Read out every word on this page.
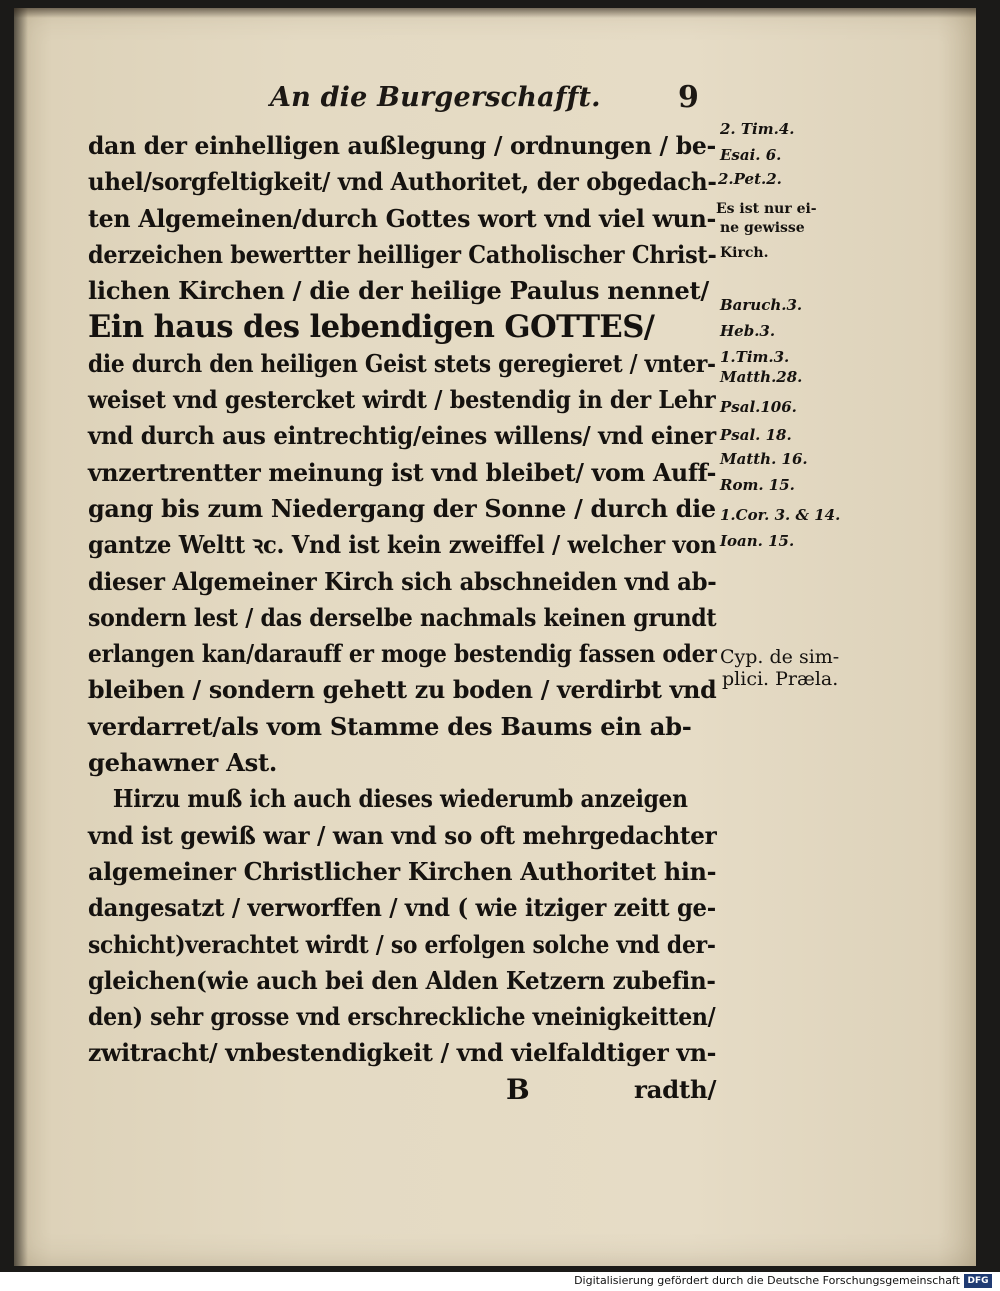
An die Burgerschafft.	9
dan der einhelligen außlegung / ordnungen / be-
uhel/sorgfeltigkeit/ vnd Authoritet, der obgedach-
ten Algemeinen/durch Gottes wort vnd viel wun-
derzeichen bewertter heilliger Catholischer Christ-
lichen Kirchen / die der heilige Paulus nennet/
Ein haus des lebendigen GOTTES/
die durch den heiligen Geist stets geregieret / vnter-
weiset vnd gestercket wirdt / bestendig in der Lehr
vnd durch aus eintrechtig/eines willens/ vnd einer
vnzertrentter meinung ist vnd bleibet/ vom Auff-
gang bis zum Niedergang der Sonne / durch die
gantze Weltt ꝛc. Vnd ist kein zweiffel / welcher von
dieser Algemeiner Kirch sich abschneiden vnd ab-
sondern lest / das derselbe nachmals keinen grundt
erlangen kan/darauff er moge bestendig fassen oder
bleiben / sondern gehett zu boden / verdirbt vnd
verdarret/als vom Stamme des Baums ein ab-
gehawner Ast.
Hirzu muß ich auch dieses wiederumb anzeigen
vnd ist gewiß war / wan vnd so oft mehrgedachter
algemeiner Christlicher Kirchen Authoritet hin-
dangesatzt / verworffen / vnd ( wie itziger zeitt ge-
schicht)verachtet wirdt / so erfolgen solche vnd der-
gleichen(wie auch bei den Alden Ketzern zubefin-
den) sehr grosse vnd erschreckliche vneinigkeitten/
zwitracht/ vnbestendigkeit / vnd vielfaldtiger vn-
B	radth/
2. Tim.4.
Esai. 6.
2.Pet.2.
Es ist nur ei-
ne gewisse
Kirch.
Baruch.3.
Heb.3.
1.Tim.3.
Matth.28.
Psal.106.
Psal. 18.
Matth. 16.
Rom. 15.
1.Cor. 3. & 14.
Ioan. 15.
Cyp. de sim-
plici. Præla.
Digitalisierung gefördert durch die Deutsche Forschungsgemeinschaft DFG
